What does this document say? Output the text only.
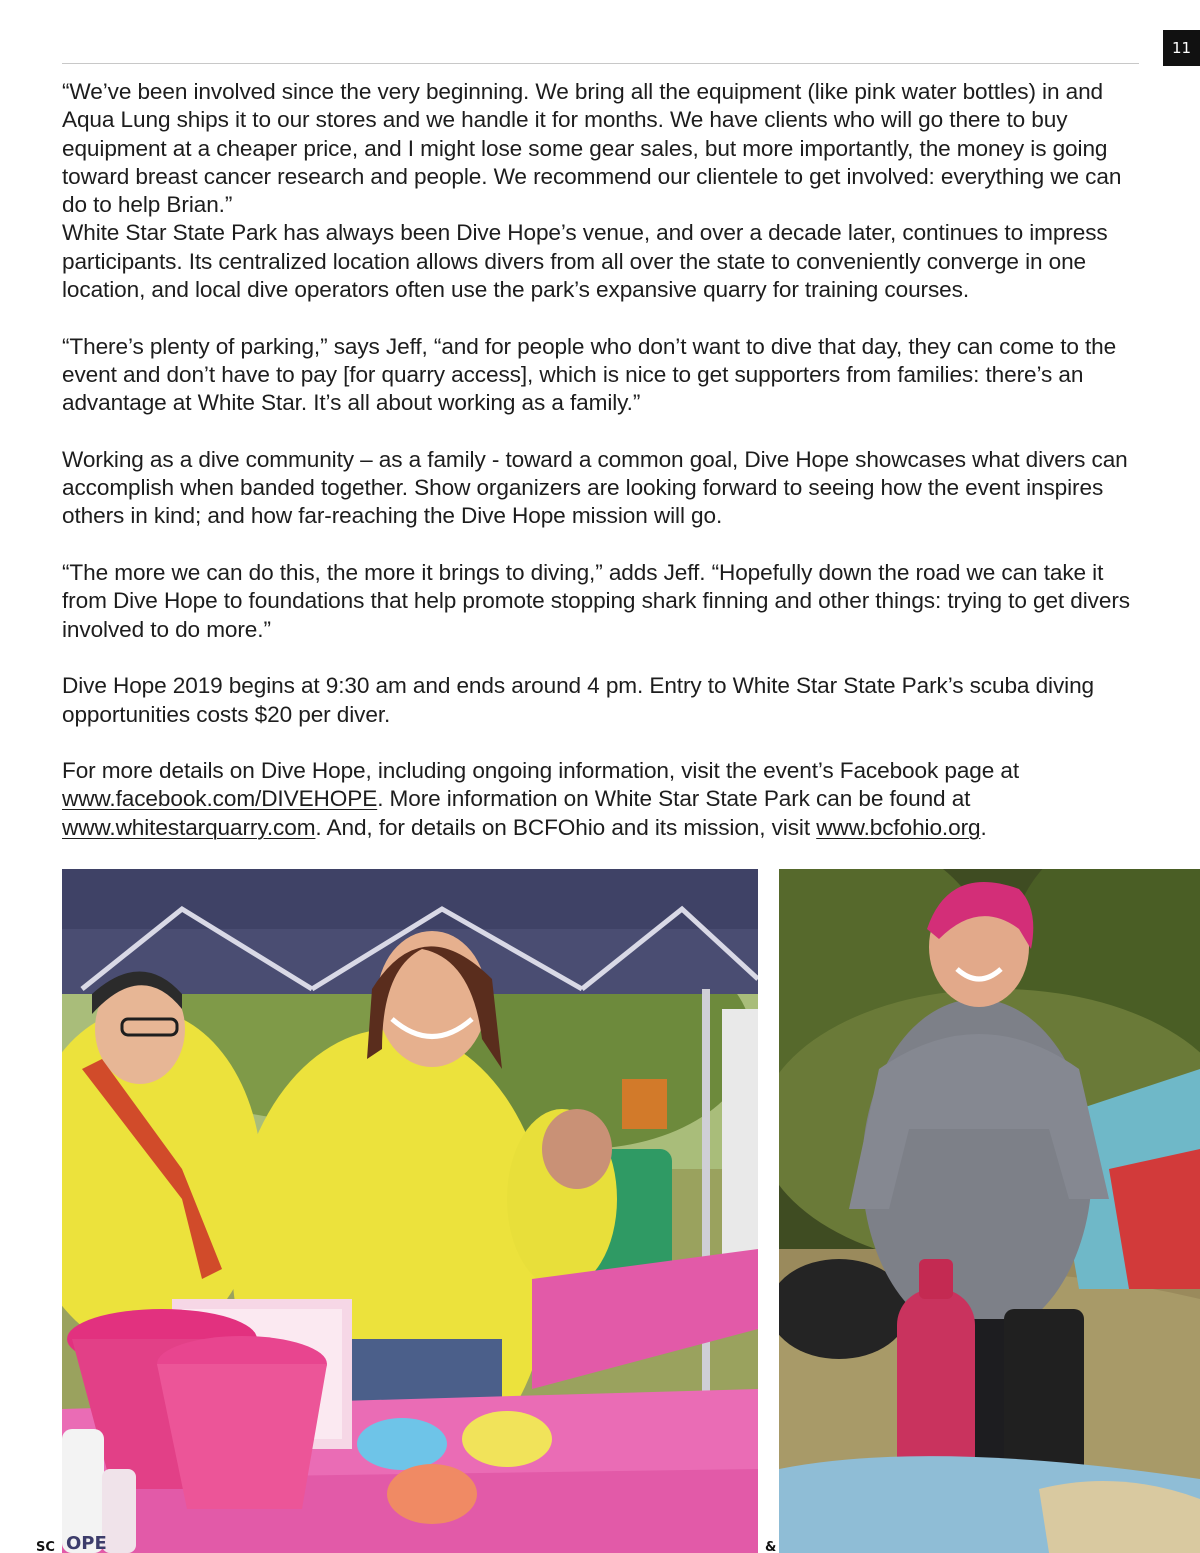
11

“We’ve been involved since the very beginning. We bring all the equipment (like pink water bottles) in and Aqua Lung ships it to our stores and we handle it for months. We have clients who will go there to buy equipment at a cheaper price, and I might lose some gear sales, but more importantly, the money is going toward breast cancer research and people. We recommend our clientele to get involved: everything we can do to help Brian.”

White Star State Park has always been Dive Hope’s venue, and over a decade later, continues to impress participants. Its centralized location allows divers from all over the state to conveniently converge in one location, and local dive operators often use the park’s expansive quarry for training courses.

“There’s plenty of parking,” says Jeff, “and for people who don’t want to dive that day, they can come to the event and don’t have to pay [for quarry access], which is nice to get supporters from families: there’s an advantage at White Star. It’s all about working as a family.”

Working as a dive community – as a family - toward a common goal, Dive Hope showcases what divers can accomplish when banded together. Show organizers are looking forward to seeing how the event inspires others in kind; and how far-reaching the Dive Hope mission will go.

“The more we can do this, the more it brings to diving,” adds Jeff. “Hopefully down the road we can take it from Dive Hope to foundations that help promote stopping shark finning and other things: trying to get divers involved to do more.”

Dive Hope 2019 begins at 9:30 am and ends around 4 pm. Entry to White Star State Park’s scuba diving opportunities costs $20 per diver.

For more details on Dive Hope, including ongoing information, visit the event’s Facebook page at www.facebook.com/DIVEHOPE. More information on White Star State Park can be found at www.whitestarquarry.com. And, for details on BCFOhio and its mission, visit www.bcfohio.org.

OPE
SC	&
